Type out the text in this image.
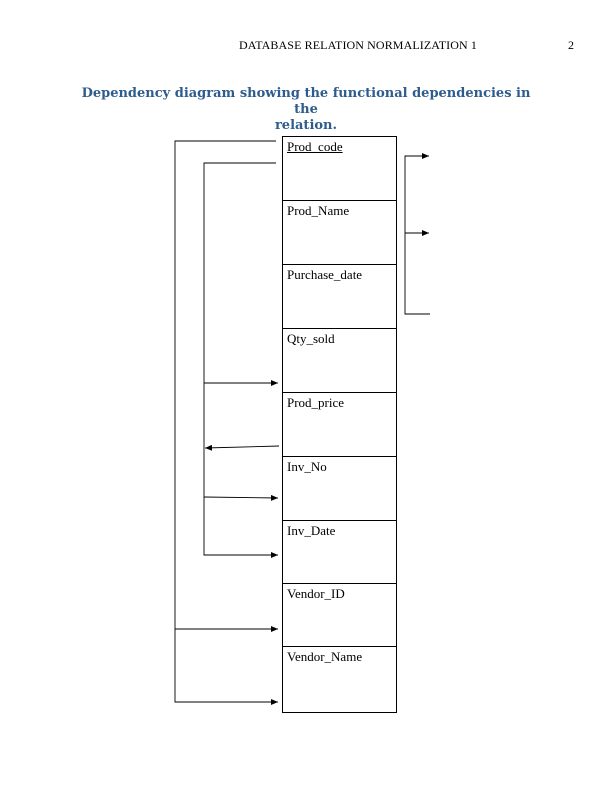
DATABASE RELATION NORMALIZATION 1	2
Dependency diagram showing the functional dependencies in the
relation.
Prod_code
Prod_Name
Purchase_date
Qty_sold
Prod_price
Inv_No
Inv_Date
Vendor_ID
Vendor_Name
